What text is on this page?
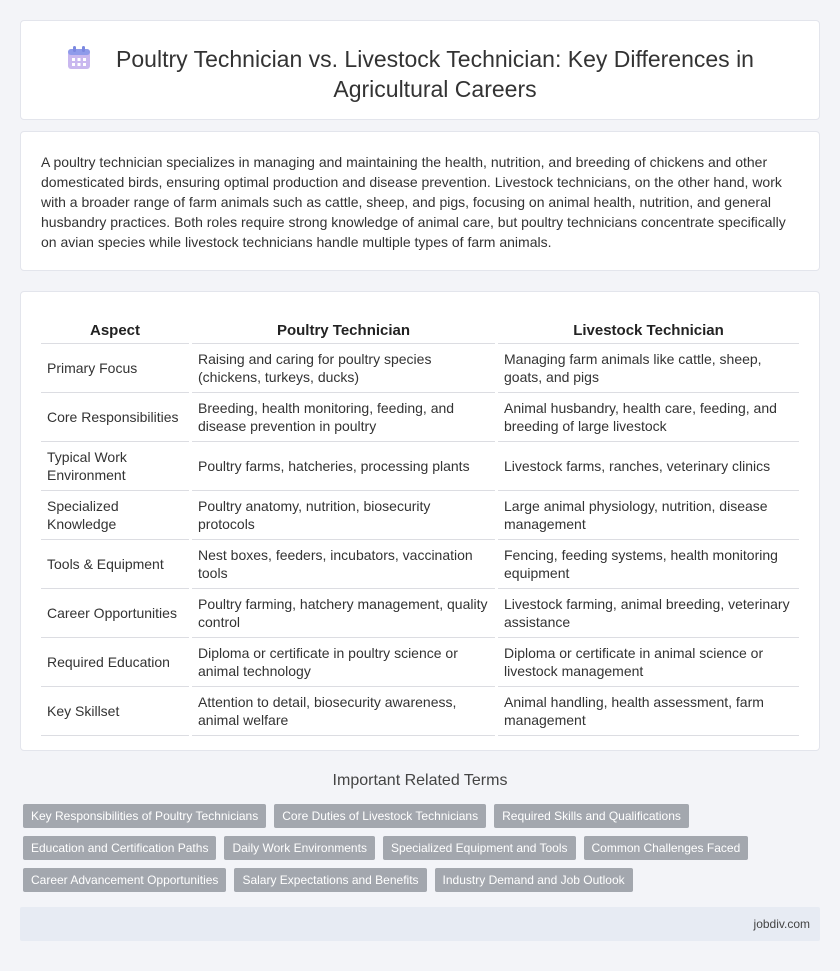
Poultry Technician vs. Livestock Technician: Key Differences in Agricultural Careers

A poultry technician specializes in managing and maintaining the health, nutrition, and breeding of chickens and other domesticated birds, ensuring optimal production and disease prevention. Livestock technicians, on the other hand, work with a broader range of farm animals such as cattle, sheep, and pigs, focusing on animal health, nutrition, and general husbandry practices. Both roles require strong knowledge of animal care, but poultry technicians concentrate specifically on avian species while livestock technicians handle multiple types of farm animals.

Aspect	Poultry Technician	Livestock Technician
Primary Focus	Raising and caring for poultry species (chickens, turkeys, ducks)	Managing farm animals like cattle, sheep, goats, and pigs
Core Responsibilities	Breeding, health monitoring, feeding, and disease prevention in poultry	Animal husbandry, health care, feeding, and breeding of large livestock
Typical Work Environment	Poultry farms, hatcheries, processing plants	Livestock farms, ranches, veterinary clinics
Specialized Knowledge	Poultry anatomy, nutrition, biosecurity protocols	Large animal physiology, nutrition, disease management
Tools & Equipment	Nest boxes, feeders, incubators, vaccination tools	Fencing, feeding systems, health monitoring equipment
Career Opportunities	Poultry farming, hatchery management, quality control	Livestock farming, animal breeding, veterinary assistance
Required Education	Diploma or certificate in poultry science or animal technology	Diploma or certificate in animal science or livestock management
Key Skillset	Attention to detail, biosecurity awareness, animal welfare	Animal handling, health assessment, farm management
Important Related Terms
Key Responsibilities of Poultry Technicians	Core Duties of Livestock Technicians	Required Skills and Qualifications
Education and Certification Paths	Daily Work Environments	Specialized Equipment and Tools	Common Challenges Faced
Career Advancement Opportunities	Salary Expectations and Benefits	Industry Demand and Job Outlook
jobdiv.com
